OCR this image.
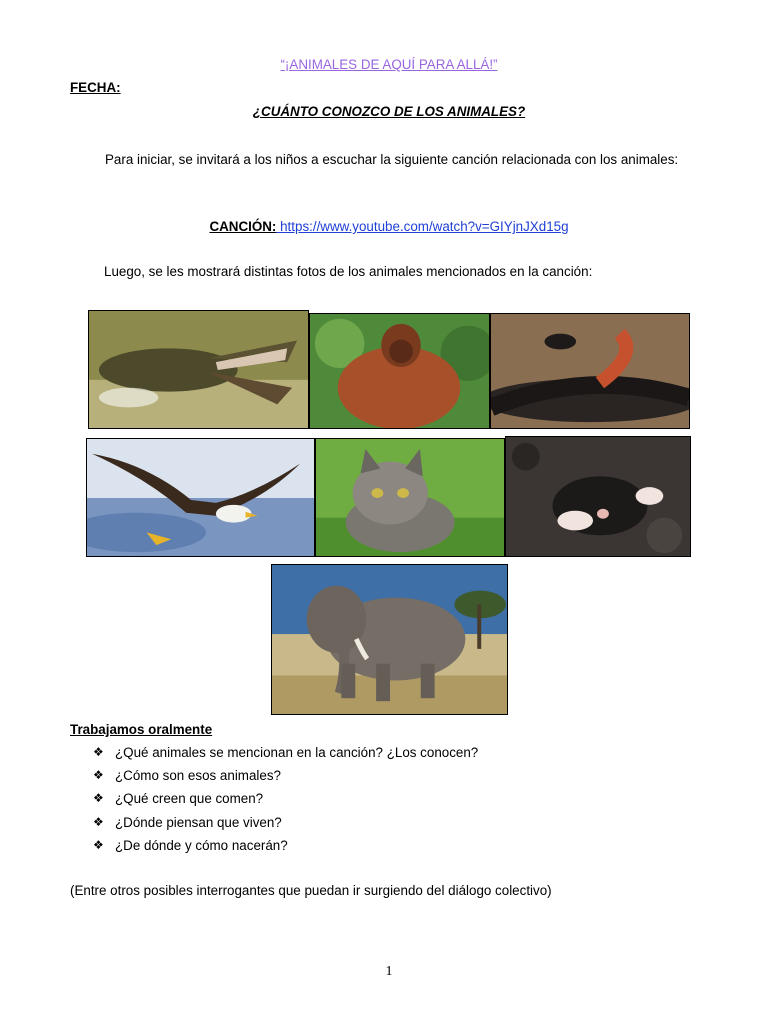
“¡ANIMALES DE AQUÍ PARA ALLÁ!”
FECHA:
¿CUÁNTO CONOZCO DE LOS ANIMALES?
Para iniciar, se invitará a los niños a escuchar la siguiente canción relacionada con los animales:
CANCIÓN: https://www.youtube.com/watch?v=GIYjnJXd15g
Luego, se les mostrará distintas fotos de los animales mencionados en la canción:
Trabajamos oralmente
❖ ¿Qué animales se mencionan en la canción? ¿Los conocen?
❖ ¿Cómo son esos animales?
❖ ¿Qué creen que comen?
❖ ¿Dónde piensan que viven?
❖ ¿De dónde y cómo nacerán?
(Entre otros posibles interrogantes que puedan ir surgiendo del diálogo colectivo)
1
